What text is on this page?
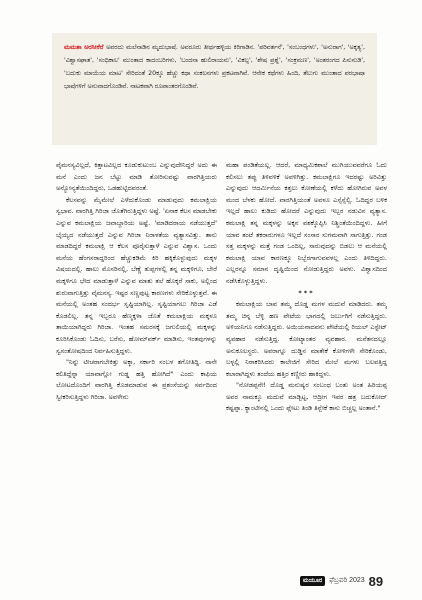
ಮಮತಾ ಅರಸೀಕೆರೆ ಅವರದು ಮಲೆನಾಡಿನ ಮೃದುಭಾಷೆ. ಅವರೂರು ತೀರ್ಥಹಳ್ಳಿಯ ಕಿರಿಗಾಡಿನ. 'ಪರಿವರ್ತನೆ', 'ಸಂಬಂಧಗಳು', 'ಅನುರಾಗ', 'ಅಕ್ಕತ್ಯ', 'ವಿಶ್ವಾಸಘಾತ', 'ಸಂಧಿಕಾಲ' ಮುಂತಾದ ಕಾದಂಬರಿಗಳು, 'ಬಂದನಾ ಹುಲಿರಾಯನು', 'ವಿಕಲ್ಪ', 'ಶೇಷ ಪ್ರಶ್ನೆ', 'ಸಂಕ್ರಮಣ', 'ಅಂತರಂಗದ ಪಿಸುನುಡಿ', 'ಬದುಕು ಮಾಯೆಯ ಮಾಟ' ಸೇರಿದಂತೆ 20ಕ್ಕೂ ಹೆಚ್ಚು ಕಥಾ ಸಂಕಲನಗಳು ಪ್ರಕಟವಾಗಿವೆ. ಆನೇಕ ಕಥೆಗಳು ಹಿಂದಿ, ತೆಲುಗು ಮುಂತಾದ ಪರಭಾಷಾ ಭಾಷೆಗಳಿಗೆ ಅನುವಾದಗೊಂಡಿವೆ. ನಾಟಕವಾಗಿ ರೂಪಾಂತರಗೊಂಡಿವೆ.

ವೈಮನಸ್ಯವಿಲ್ಲದೆ, ಕಿತ್ತಾಟವಿಲ್ಲದ ಕೂಡುಕುಟುಂಬ ಎನ್ನುವುದೇನಿದ್ದರೆ ಅದು ಈ ಮನೆ ಎಂದು ಜನ ಬೆಟ್ಟು ಮಾಡಿ ತೋರಿಸುವಷ್ಟು ವಾರಗಿತ್ತಿಯರು ಅನ್ಯೋನ್ಯತೆಯಿಂದಿದ್ದರು, ಒಡಹುಟ್ಟಿದವರಂತೆ.

ಕೆಲಸವನ್ನು ಮೈಮೇಲೆ ಎಳೆದುಕೊಂಡು ಮಾಡುವುದು ಕಮಲಾಕ್ಷಿಯ ಸ್ವಭಾವ. ವಾರಗಿತ್ತಿ ಗಿರಿಜಾ ಜೊತೆಗಿರುತ್ತಿದ್ದಳು ಅಷ್ಟೆ. 'ಏನಾಕ ಕೆಲಸ ಮಾಡಬೇಕು ಎನ್ನುವ ಕಮಲಾಕ್ಷಿಯ ಜವಾಬ್ದಾರಿಯ ಅಷ್ಟೆ. 'ಮಾಡಿದರಾಯ ನಡೆಯುತ್ತದೆ' ಬೈಯ್ಯದ ನಡೆಯುತ್ತದೆ ಎನ್ನುವ ಗಿರಿಜಾ ನಿರಾಳತೆಯ ವ್ಯತ್ಯಾಸವಿತ್ತು. ತಾನು ಮಾಡದಿದ್ದರೆ ಕಮಲಾಕ್ಷಿ ಆ ಕೆಲಸ ಪೂರೈಸುತ್ತಾಳೆ ಎನ್ನುವ ವಿಶ್ವಾಸ. ಒಂದು ಮನೆಯ ಹೆಂಗಸರಾದ್ದರಿಂದ ಹೆಚ್ಚುಕಡಿಮೆ ಕಿರಿ ಹಕ್ಕಿಕೊಳ್ಳುವುದು ಮಕ್ಕಳ ವಿಷಯದಲ್ಲಿ. ಹಾಲು ಮೊಸರಿನಲ್ಲಿ, ಬೆಣ್ಣೆ ತುಪ್ಪಗಳಲ್ಲಿ ತನ್ನ ಮಕ್ಕಳಿಗೂ, ಬೇರೆ ಮಕ್ಕಳಿಗೂ ಭೇದ ಮಾಡುತ್ತಾಳೆ ಎನ್ನುವ ಮಾತು ತಲೆ ಹೊಕ್ಕರೆ ಸಾಕು, ಅಲ್ಲಿಂದ ಶುರುವಾಗುತ್ತಿತ್ತು ವೈಮನಸ್ಯ. ಇಷ್ಟರ ಸಣ್ಣಪುಟ್ಟ ಕಾರಣಗಳು ಸೇರಿಕೊಳ್ಳುತ್ತವೆ. ಈ ಮನೆಯಲ್ಲಿ ಅಂತಹ ಸಂದರ್ಭ ಸೃಷ್ಟಿಯಾಗಿಲ್ಲ. ಸೃಷ್ಟಿಯಾಗಲು ಗಿರಿಜಾ ಎಡೆ ಕೊಡಲಿಲ್ಲ. ತನ್ನ ಇಬ್ಬರೂ ಹೆಣ್ಮಕ್ಕಳಾ ಜೊತೆ ಕಮಲಾಕ್ಷಿಯ ಮಕ್ಕಳೂ ತಾಯಿಯಾಗಿದ್ದರು ಗಿರಿಜಾ. ಇಂತಹ ಸಮರಸಕ್ಕೆ ಜಗುಲಿಯಲ್ಲಿ ಮಕ್ಕಳನ್ನು ಕೂರಿಸಿಕೊಂಡು ಓದಿಸು, ಬರೆಸು, ಹೋಮ್‌ವರ್ಕ್ ಮಾಡಿಸು, ಇಂತವುಗಳನ್ನು ಸ್ವಸಂತೋಷದಿಂದ ನಿರ್ವಹಿಸುತ್ತಿದ್ದಳು.

"ನಿನ್ನು ಟೀಚರಾಗಬೇಕಿತ್ತು ಅಕ್ಕಾ, ಸರ್ಕಾರಿ ಸಂಬಳ ತಗೋತಿದ್ದಿ. ನಾನೇ ಕಲಿತಿದ್ದೆನ್ನಾ ಯಾವಾಗ್ಲೋ ಗುಡ್ಡ ಹತ್ತಿ ಹೋಗಿದೆ" ಎಂದು ಕಾಫಿಯ ಲೋಟದೊಂದಿಗೆ ವಾರಗಿತ್ತಿ ಕೊಡಮಾಡುವ ಈ ಪ್ರಶಂಸೆಯನ್ನು ಸರ್ವದಿಂದ ಸ್ವೀಕರಿಸುತ್ತಿದ್ದಳು ಗಿರಿಜಾ. ಅವಳೇನು

ಮಹಾ ಪಂಡಿತೆಯಲ್ಲ. ಆದರೆ, ಮಾಧ್ಯಮಿಕಶಾಲೆ ಮುಗಿಯುವವರೆಗೂ ಓದು ಕಲಿಸಲು ತಪ್ಪು ತಿಳಿವಳಿಕೆ ಅವಳಿಗಿತ್ತು. ಕಮಲಾಕ್ಷಿಗೂ ಇದರಷ್ಟು ಅರಿವಿತ್ತು ಎನ್ನುವುದು ಆದರ್ಮಿನೆಯ ಕತ್ತಲು ಕೋಣೆಯಲ್ಲಿ ಕಳೆದು ಹೋಗಿರುವ ಅವಳ ಮಂದ ಬೆಳಕು ಹೋದೆ. ವಾರಗಿತ್ತಿಯಂತೆ ಅವಳೂ ಎಸ್ಸೆಸ್ಸೆಲ್ಸಿ. ಓದಿದ್ದರ ಬಳಿಕ ಇಲ್ಲದೆ ಹಾಲು ಕುಡಿದು ಹೋದರೆ ಎನ್ನುವುದು ಇಬ್ಬರ ನಡುವಿನ ವ್ಯತ್ಯಾಸ. ಕಮಲಾಕ್ಷಿ ತನ್ನ ಮಕ್ಕಳನ್ನು ಅಕ್ಕನ ವಶಕ್ಕೊಪ್ಪಿಸಿ ನಿಶ್ಚಿಂತೆಯಿಂದಿದ್ದಳು. ಹೀಗೆ ಯಾವ ತಂಟೆ ತಕರಾರುಗಳೂ ಇಲ್ಲದೆ ಸಂಸಾರ ಸುಗಮವಾಗಿ ಸಾಗುತ್ತಿತ್ತು. ಗಂಡ ಸತ್ತ ಮಕ್ಕಳನ್ನು ಮತ್ತೆ ಗಂಡ ಒಂದಿಲ್ಲ, ಸಾರುವುದನ್ನು ಬಿಡಲು ಆ ಮನೆಯಲ್ಲಿ ಕಮಲಾಕ್ಷಿ ಯಾವ ಕಾರಣಕ್ಕೂ ನಿಬ್ಬೆರಗಾಗುವವಳಲ್ಲ ಎಂದು ತಿಳಿದಿದ್ದರು. ಎಲ್ಲರನ್ನೂ ಸಮಾನ ದೃಷ್ಟಿಯಿಂದ ನೋಡುತ್ತಿದ್ದರು ಅವಳು. ವಿಶ್ವಾಸದಿಂದ ನಡೆಸಿಕೊಳ್ಳುತ್ತಿದ್ದಳು.

***

ಕಮಲಾಕ್ಷಿಯ ಬಾವ ತಮ್ಮ ದೊಡ್ಡ ಮಗಳ ಮದುವೆ ಮಾಡಿದರು. ತಮ್ಮ ತಮ್ಮ ಚಿನ್ನ ಬೆಳ್ಳಿ ಹಣ ಪೇಟೆಯ ಭಾಗದಲ್ಲಿ ಜರ್ಬುಗಿಗೆ ನಡೆಸುತ್ತಿದ್ದರು. ಅಳಿಯನಿಗೂ ನಡೆಸುತ್ತಿದ್ದರು. ಅಯಿಯನಾದವನು ಪೇಟೆಯಲ್ಲಿ ರಿಯಲ್ ಎಸ್ಟೇಟ್ ವ್ಯವಹಾರ ನಡೆಸುತ್ತಿದ್ದ. ಕೋಟ್ಯಾಂತರ ವ್ಯವಹಾರ. ಮನೆತನದಲ್ಲೂ ಅನುಕೂಲಸ್ಥರು. ಅವರಾಗ್ನೂ ದುಡ್ಡಿನ ಮಾತೇಕೆ ಕೋಳಿಗಳೇ ಸೇರಿಕೊಂಡು, ಬಳ್ಳಲ್ಲಿ ನಿರಾಕರಿಸಿದರು ಕಾಲೇಜಿಗೆ ಸೇರಿದ ಮೇಲೆ ಮಗಳು ಬಲವತ್ತಿದ್ದ ಕಲಾರಾಗಿದ್ದಳು ತಂದೆಯ ಹತ್ತಿರ ಕಣ್ಣೀರು ಹಾಕಿದ್ದಳು.

"ನೋಡಪ್ಪನೇ! ದೊಡ್ಡ ಮನುಷ್ಯರ ಸಂಬಂಧ ಬಂತು ಅಂತ ಹಿರಿಯಪ್ಪ ಅವರ ನಾಮಕ್ಕೂ ಮದುವೆ ಮಾಡ್ಬಿಟ್ಟ, ಆದ್ರೀಗ ಇವರ ಹತ್ರ ಬದುಕೋದ್ ಕಷ್ಟಪ್ಪಾ. ಕ್ಯಾಂಟೀನಲ್ಲಿ ಒಂದು ಪ್ಲೇಟು ತಿಂಡಿ ತಿನ್ಬೇಕೆ ಕಾಸು ಬಿಚ್ಚಲ್ಲ ಅಂತಾನೆ."

ಮಯೂರ	ಫೆಬ್ರವರಿ 2023 89
